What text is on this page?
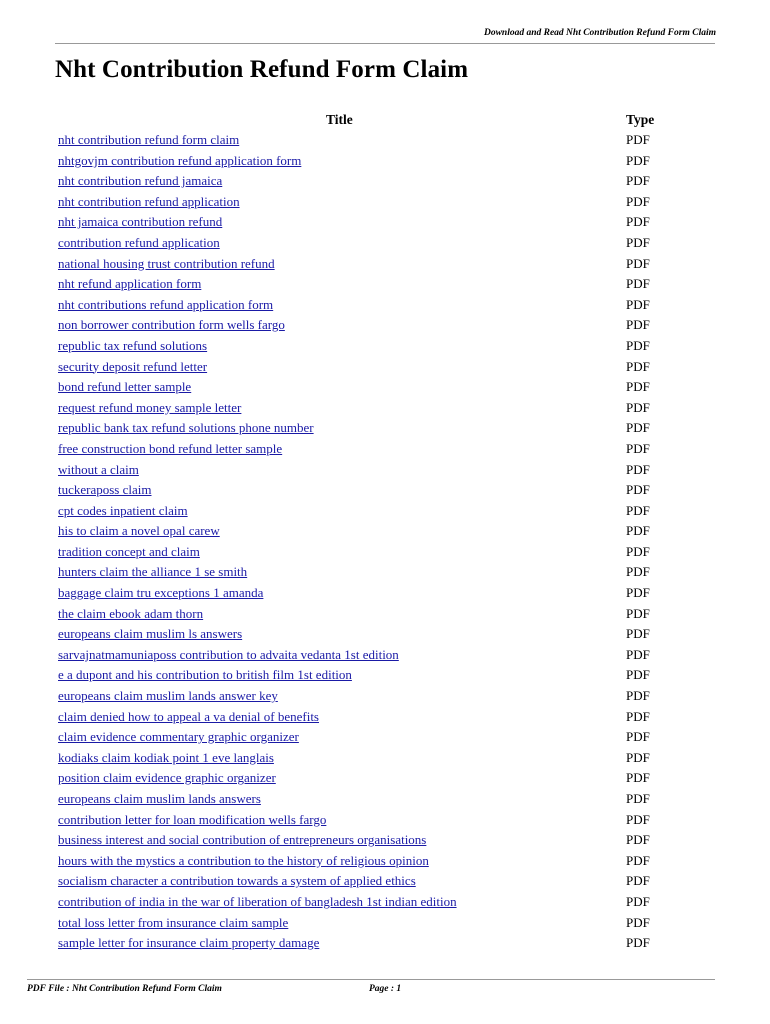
Download and Read Nht Contribution Refund Form Claim
Nht Contribution Refund Form Claim
Title	Type
nht contribution refund form claim	PDF
nhtgovjm contribution refund application form	PDF
nht contribution refund jamaica	PDF
nht contribution refund application	PDF
nht jamaica contribution refund	PDF
contribution refund application	PDF
national housing trust contribution refund	PDF
nht refund application form	PDF
nht contributions refund application form	PDF
non borrower contribution form wells fargo	PDF
republic tax refund solutions	PDF
security deposit refund letter	PDF
bond refund letter sample	PDF
request refund money sample letter	PDF
republic bank tax refund solutions phone number	PDF
free construction bond refund letter sample	PDF
without a claim	PDF
tuckeraposs claim	PDF
cpt codes inpatient claim	PDF
his to claim a novel opal carew	PDF
tradition concept and claim	PDF
hunters claim the alliance 1 se smith	PDF
baggage claim tru exceptions 1 amanda	PDF
the claim ebook adam thorn	PDF
europeans claim muslim ls answers	PDF
sarvajnatmamuniaposs contribution to advaita vedanta 1st edition	PDF
e a dupont and his contribution to british film 1st edition	PDF
europeans claim muslim lands answer key	PDF
claim denied how to appeal a va denial of benefits	PDF
claim evidence commentary graphic organizer	PDF
kodiaks claim kodiak point 1 eve langlais	PDF
position claim evidence graphic organizer	PDF
europeans claim muslim lands answers	PDF
contribution letter for loan modification wells fargo	PDF
business interest and social contribution of entrepreneurs organisations	PDF
hours with the mystics a contribution to the history of religious opinion	PDF
socialism character a contribution towards a system of applied ethics	PDF
contribution of india in the war of liberation of bangladesh 1st indian edition	PDF
total loss letter from insurance claim sample	PDF
sample letter for insurance claim property damage	PDF
PDF File : Nht Contribution Refund Form Claim	Page : 1
